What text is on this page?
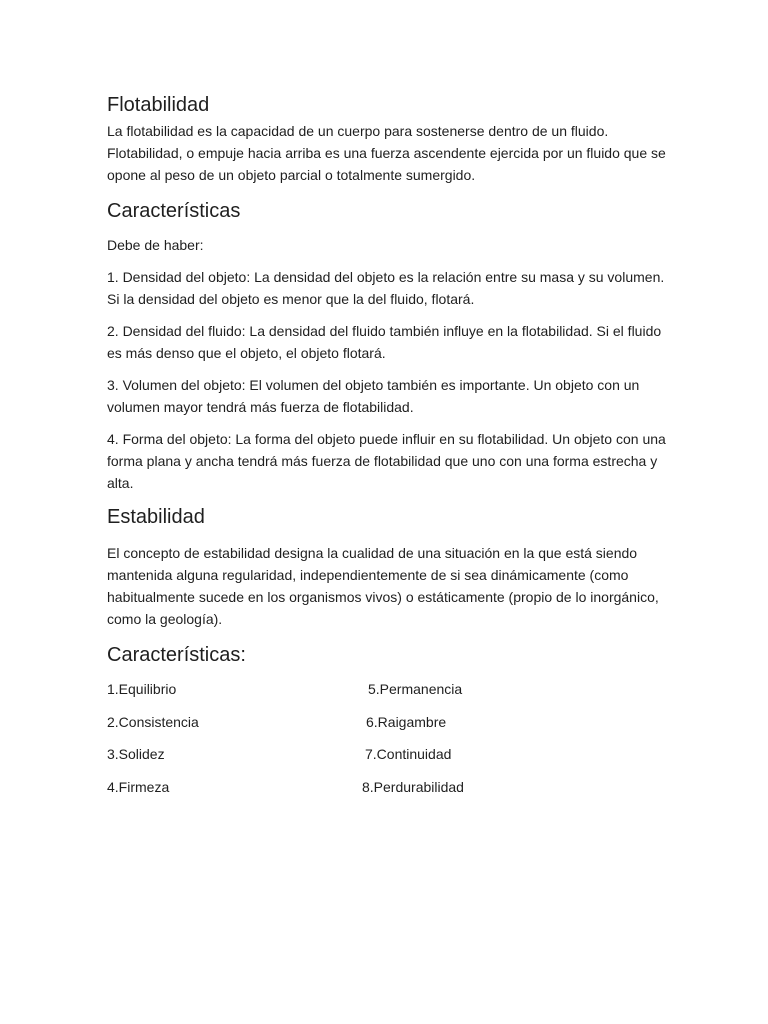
Flotabilidad

La flotabilidad es la capacidad de un cuerpo para sostenerse dentro de un fluido. Flotabilidad, o empuje hacia arriba es una fuerza ascendente ejercida por un fluido que se opone al peso de un objeto parcial o totalmente sumergido.

Características

Debe de haber:

1. Densidad del objeto: La densidad del objeto es la relación entre su masa y su volumen. Si la densidad del objeto es menor que la del fluido, flotará.

2. Densidad del fluido: La densidad del fluido también influye en la flotabilidad. Si el fluido es más denso que el objeto, el objeto flotará.

3. Volumen del objeto: El volumen del objeto también es importante. Un objeto con un volumen mayor tendrá más fuerza de flotabilidad.

4. Forma del objeto: La forma del objeto puede influir en su flotabilidad. Un objeto con una forma plana y ancha tendrá más fuerza de flotabilidad que uno con una forma estrecha y alta.

Estabilidad

El concepto de estabilidad designa la cualidad de una situación en la que está siendo mantenida alguna regularidad, independientemente de si sea dinámicamente (como habitualmente sucede en los organismos vivos) o estáticamente (propio de lo inorgánico, como la geología).

Características:
1.Equilibrio	5.Permanencia
2.Consistencia	6.Raigambre
3.Solidez	7.Continuidad
4.Firmeza	8.Perdurabilidad
